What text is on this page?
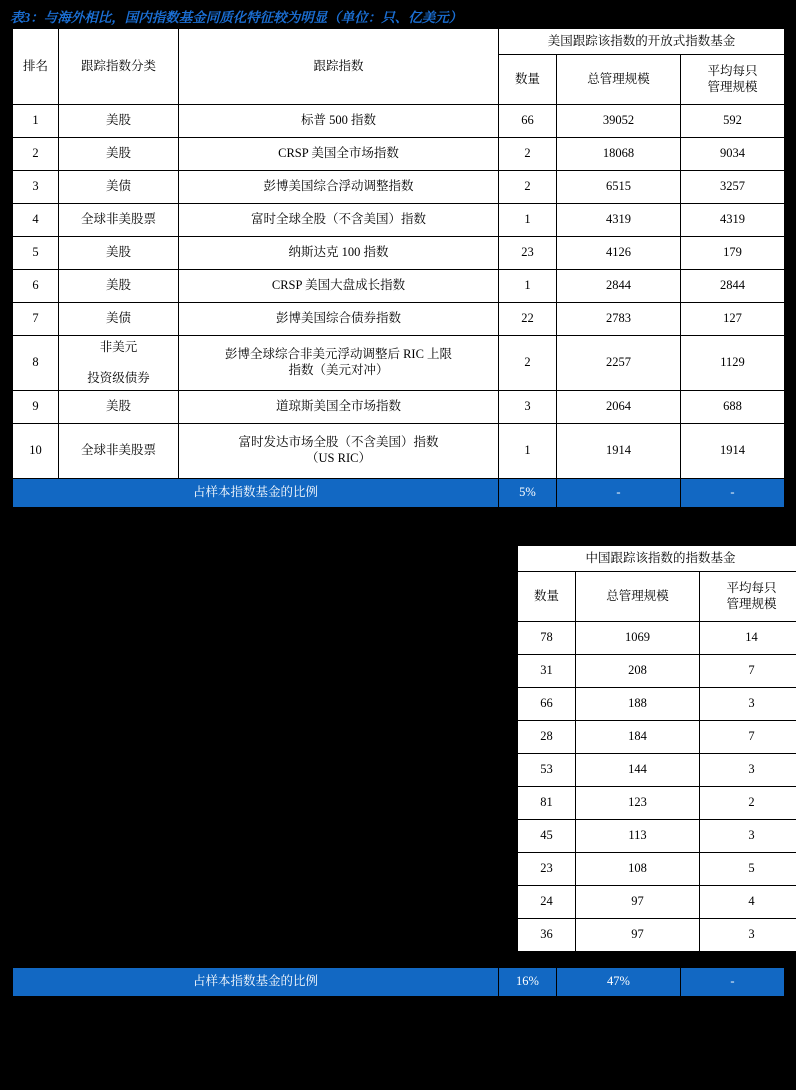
表3：与海外相比，国内指数基金同质化特征较为明显（单位：只、亿美元）
排名	跟踪指数分类	跟踪指数	美国跟踪该指数的开放式指数基金		
			数量	总管理规模	平均每只
管理规模
1	美股	标普 500 指数	66	39052	592
2	美股	CRSP 美国全市场指数	2	18068	9034
3	美债	彭博美国综合浮动调整指数	2	6515	3257
4	全球非美股票	富时全球全股（不含美国）指数	1	4319	4319
5	美股	纳斯达克 100 指数	23	4126	179
6	美股	CRSP 美国大盘成长指数	1	2844	2844
7	美债	彭博美国综合债券指数	22	2783	127
8	非美元

投资级债券	彭博全球综合非美元浮动调整后 RIC 上限
指数（美元对冲）	2	2257	1129
9	美股	道琼斯美国全市场指数	3	2064	688
10	全球非美股票	富时发达市场全股（不含美国）指数
（US RIC）	1	1914	1914
占样本指数基金的比例			5%	-	-
中国跟踪该指数的指数基金		
数量	总管理规模	平均每只
管理规模
78	1069	14
31	208	7
66	188	3
28	184	7
53	144	3
81	123	2
45	113	3
23	108	5
24	97	4
36	97	3
占样本指数基金的比例	16%	47%	-
